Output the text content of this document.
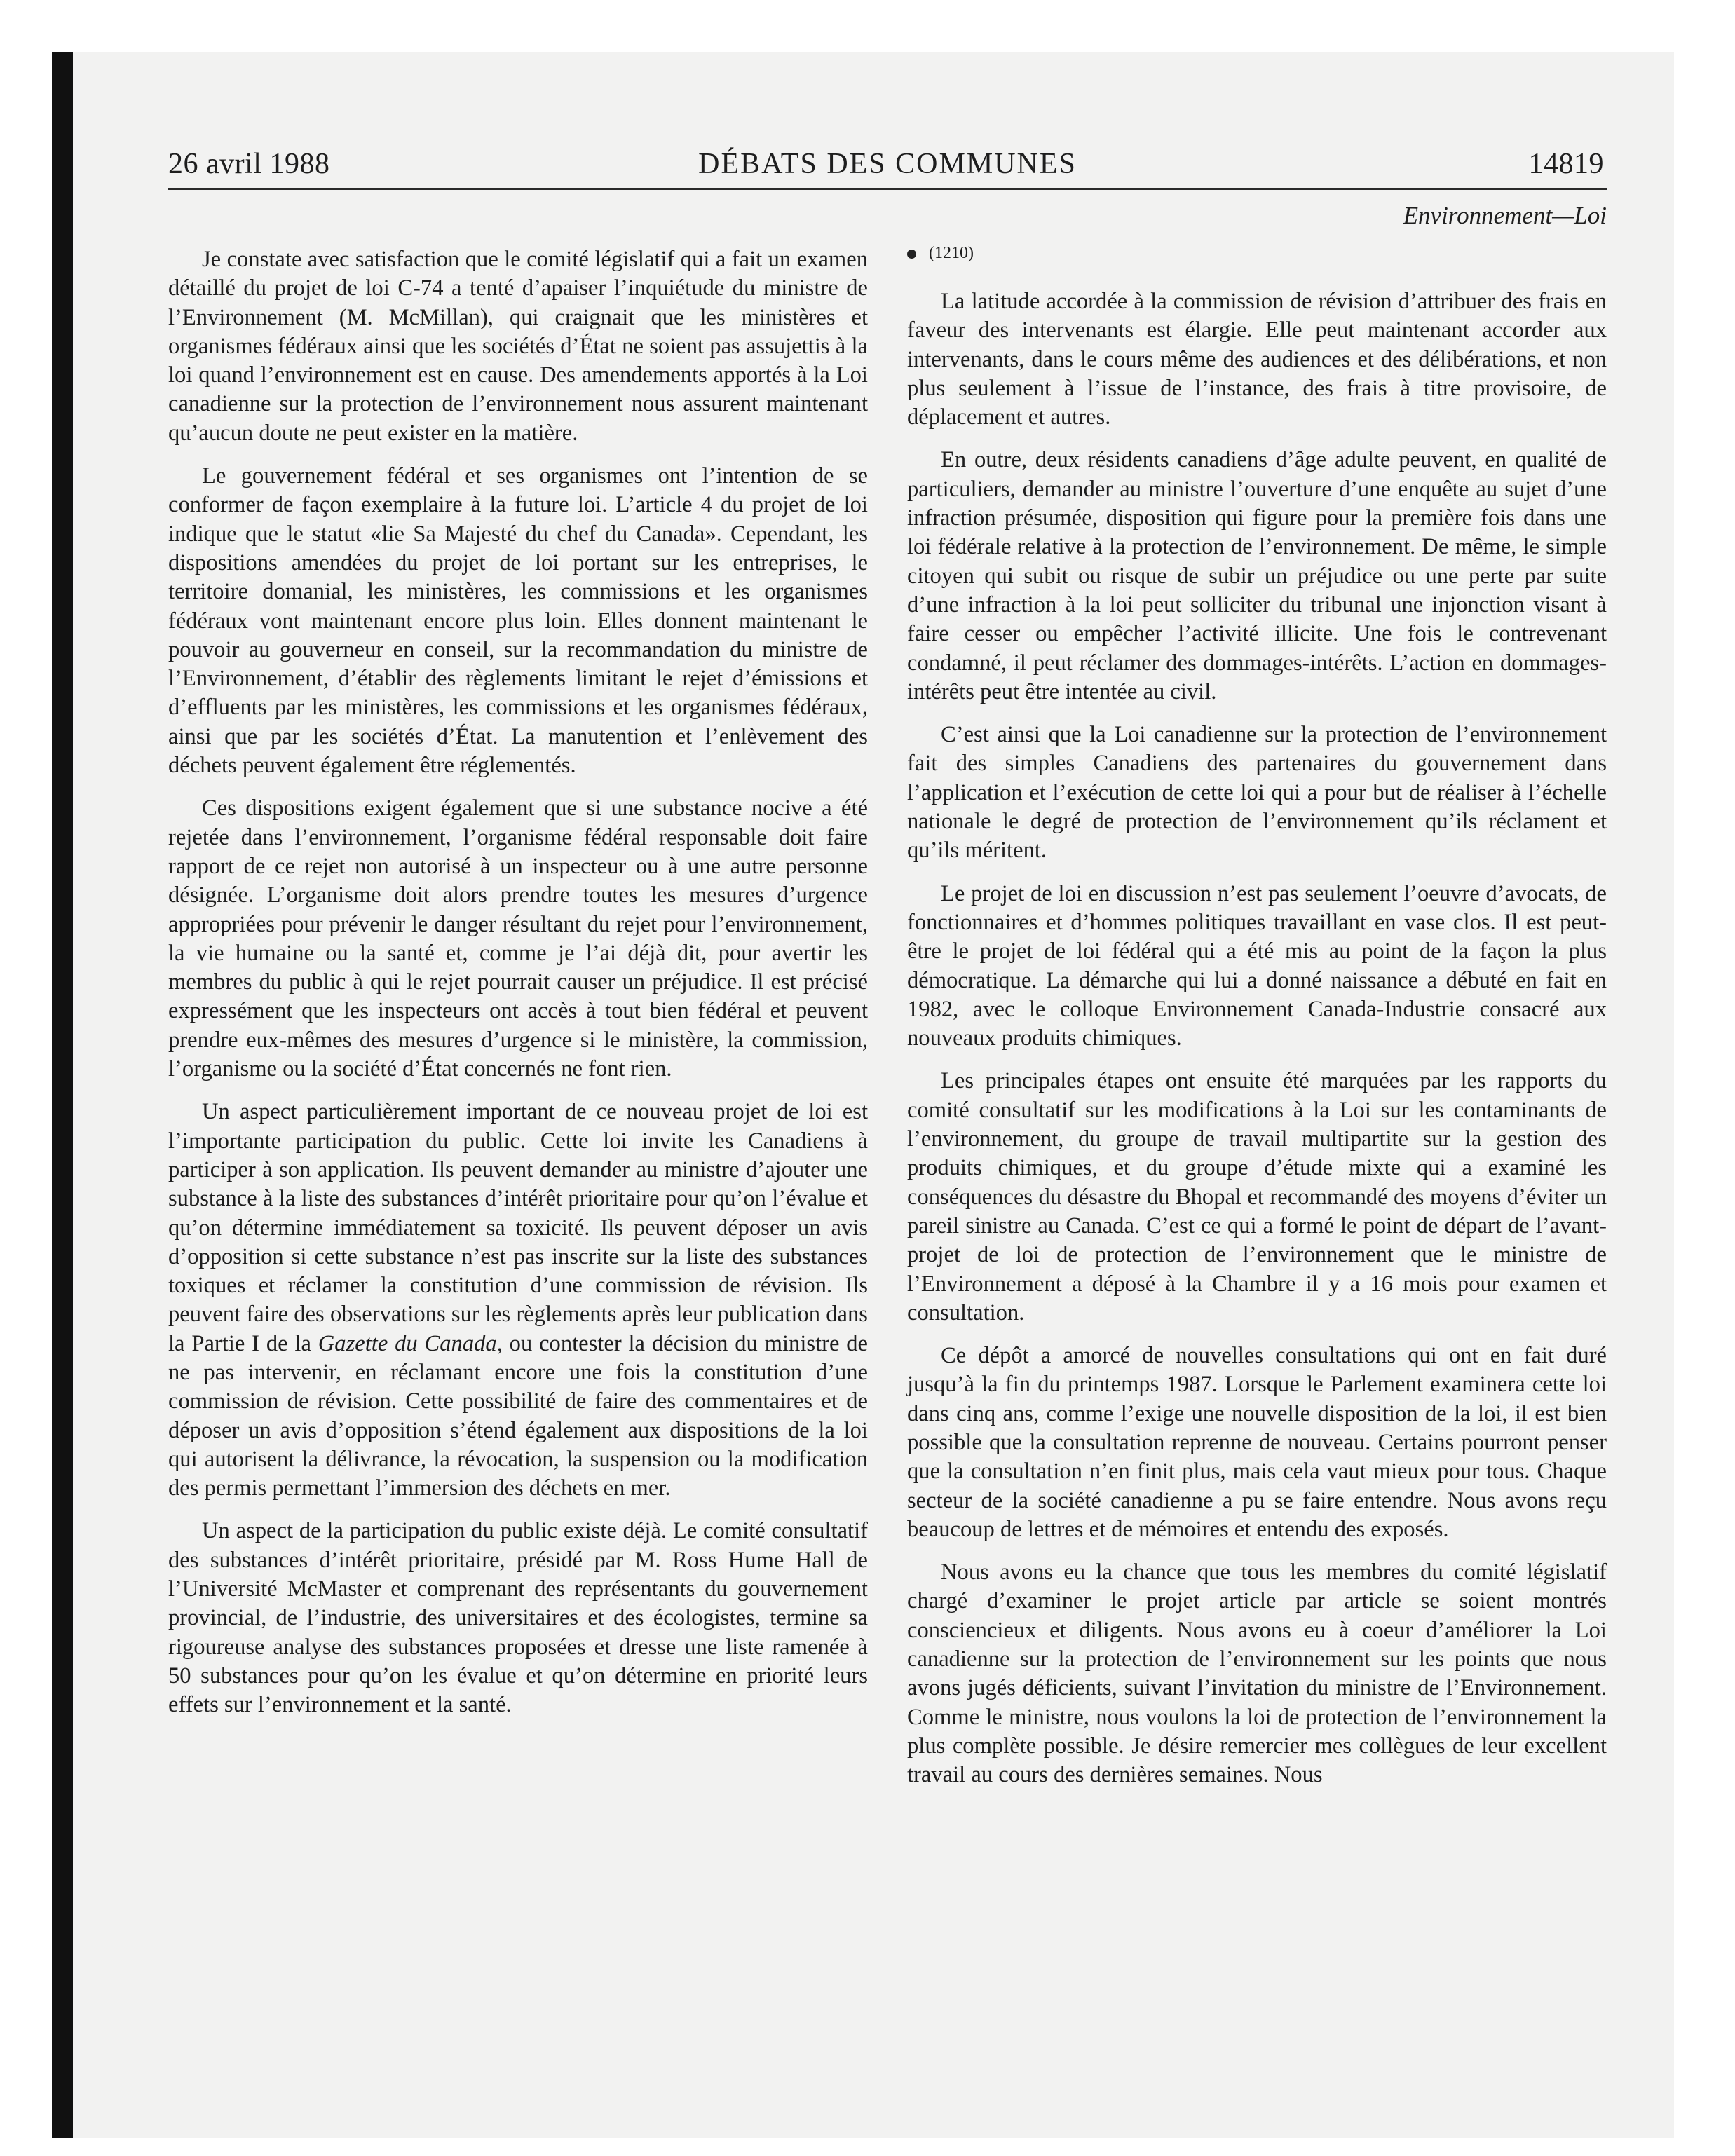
26 avril 1988	DÉBATS DES COMMUNES	14819

Je constate avec satisfaction que le comité législatif qui a fait un examen détaillé du projet de loi C-74 a tenté d’apaiser l’inquiétude du ministre de l’Environnement (M. McMillan), qui craignait que les ministères et organismes fédéraux ainsi que les sociétés d’État ne soient pas assujettis à la loi quand l’environnement est en cause. Des amendements apportés à la Loi canadienne sur la protection de l’environnement nous assurent maintenant qu’aucun doute ne peut exister en la matière.

Le gouvernement fédéral et ses organismes ont l’intention de se conformer de façon exemplaire à la future loi. L’article 4 du projet de loi indique que le statut «lie Sa Majesté du chef du Canada». Cependant, les dispositions amendées du projet de loi portant sur les entreprises, le territoire domanial, les ministères, les commissions et les organismes fédéraux vont maintenant encore plus loin. Elles donnent maintenant le pouvoir au gouverneur en conseil, sur la recommandation du ministre de l’Environnement, d’établir des règlements limitant le rejet d’émissions et d’effluents par les ministères, les commissions et les organismes fédéraux, ainsi que par les sociétés d’État. La manutention et l’enlèvement des déchets peuvent également être réglementés.

Ces dispositions exigent également que si une substance nocive a été rejetée dans l’environnement, l’organisme fédéral responsable doit faire rapport de ce rejet non autorisé à un inspecteur ou à une autre personne désignée. L’organisme doit alors prendre toutes les mesures d’urgence appropriées pour prévenir le danger résultant du rejet pour l’environnement, la vie humaine ou la santé et, comme je l’ai déjà dit, pour avertir les membres du public à qui le rejet pourrait causer un préjudice. Il est précisé expressément que les inspecteurs ont accès à tout bien fédéral et peuvent prendre eux-mêmes des mesures d’urgence si le ministère, la commission, l’organisme ou la société d’État concernés ne font rien.

Un aspect particulièrement important de ce nouveau projet de loi est l’importante participation du public. Cette loi invite les Canadiens à participer à son application. Ils peuvent demander au ministre d’ajouter une substance à la liste des substances d’intérêt prioritaire pour qu’on l’évalue et qu’on détermine immédiatement sa toxicité. Ils peuvent déposer un avis d’opposition si cette substance n’est pas inscrite sur la liste des substances toxiques et réclamer la constitution d’une commission de révision. Ils peuvent faire des observations sur les règlements après leur publication dans la Partie I de la Gazette du Canada, ou contester la décision du ministre de ne pas intervenir, en réclamant encore une fois la constitution d’une commission de révision. Cette possibilité de faire des commentaires et de déposer un avis d’opposition s’étend également aux dispositions de la loi qui autorisent la délivrance, la révocation, la suspension ou la modification des permis permettant l’immersion des déchets en mer.

Un aspect de la participation du public existe déjà. Le comité consultatif des substances d’intérêt prioritaire, présidé par M. Ross Hume Hall de l’Université McMaster et comprenant des représentants du gouvernement provincial, de l’industrie, des universitaires et des écologistes, termine sa rigoureuse analyse des substances proposées et dresse une liste ramenée à 50 substances pour qu’on les évalue et qu’on détermine en priorité leurs effets sur l’environnement et la santé.

Environnement—Loi
(1210)

La latitude accordée à la commission de révision d’attribuer des frais en faveur des intervenants est élargie. Elle peut maintenant accorder aux intervenants, dans le cours même des audiences et des délibérations, et non plus seulement à l’issue de l’instance, des frais à titre provisoire, de déplacement et autres.

En outre, deux résidents canadiens d’âge adulte peuvent, en qualité de particuliers, demander au ministre l’ouverture d’une enquête au sujet d’une infraction présumée, disposition qui figure pour la première fois dans une loi fédérale relative à la protection de l’environnement. De même, le simple citoyen qui subit ou risque de subir un préjudice ou une perte par suite d’une infraction à la loi peut solliciter du tribunal une injonction visant à faire cesser ou empêcher l’activité illicite. Une fois le contrevenant condamné, il peut réclamer des dommages-intérêts. L’action en dommages-intérêts peut être intentée au civil.

C’est ainsi que la Loi canadienne sur la protection de l’environnement fait des simples Canadiens des partenaires du gouvernement dans l’application et l’exécution de cette loi qui a pour but de réaliser à l’échelle nationale le degré de protection de l’environnement qu’ils réclament et qu’ils méritent.

Le projet de loi en discussion n’est pas seulement l’oeuvre d’avocats, de fonctionnaires et d’hommes politiques travaillant en vase clos. Il est peut-être le projet de loi fédéral qui a été mis au point de la façon la plus démocratique. La démarche qui lui a donné naissance a débuté en fait en 1982, avec le colloque Environnement Canada-Industrie consacré aux nouveaux produits chimiques.

Les principales étapes ont ensuite été marquées par les rapports du comité consultatif sur les modifications à la Loi sur les contaminants de l’environnement, du groupe de travail multipartite sur la gestion des produits chimiques, et du groupe d’étude mixte qui a examiné les conséquences du désastre du Bhopal et recommandé des moyens d’éviter un pareil sinistre au Canada. C’est ce qui a formé le point de départ de l’avant-projet de loi de protection de l’environnement que le ministre de l’Environnement a déposé à la Chambre il y a 16 mois pour examen et consultation.

Ce dépôt a amorcé de nouvelles consultations qui ont en fait duré jusqu’à la fin du printemps 1987. Lorsque le Parlement examinera cette loi dans cinq ans, comme l’exige une nouvelle disposition de la loi, il est bien possible que la consultation reprenne de nouveau. Certains pourront penser que la consultation n’en finit plus, mais cela vaut mieux pour tous. Chaque secteur de la société canadienne a pu se faire entendre. Nous avons reçu beaucoup de lettres et de mémoires et entendu des exposés.

Nous avons eu la chance que tous les membres du comité législatif chargé d’examiner le projet article par article se soient montrés consciencieux et diligents. Nous avons eu à coeur d’améliorer la Loi canadienne sur la protection de l’environnement sur les points que nous avons jugés déficients, suivant l’invitation du ministre de l’Environnement. Comme le ministre, nous voulons la loi de protection de l’environnement la plus complète possible. Je désire remercier mes collègues de leur excellent travail au cours des dernières semaines. Nous
